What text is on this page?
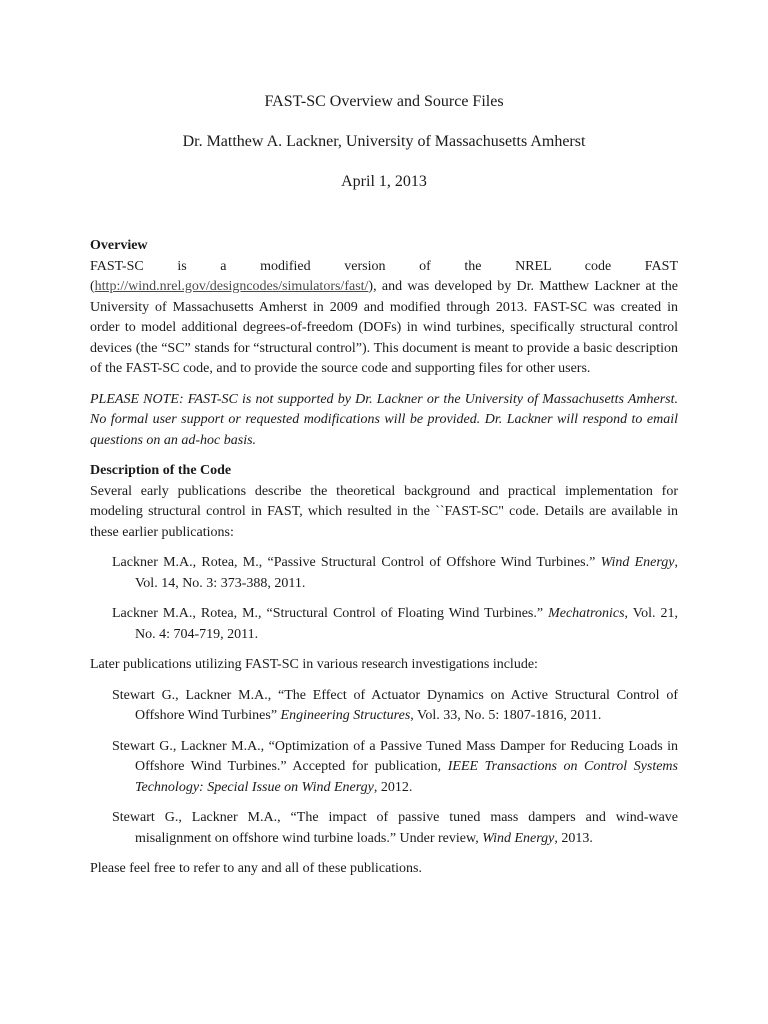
FAST-SC Overview and Source Files
Dr. Matthew A. Lackner, University of Massachusetts Amherst
April 1, 2013
Overview

FAST-SC is a modified version of the NREL code FAST

(http://wind.nrel.gov/designcodes/simulators/fast/), and was developed by Dr. Matthew Lackner at the University of Massachusetts Amherst in 2009 and modified through 2013. FAST-SC was created in order to model additional degrees-of-freedom (DOFs) in wind turbines, specifically structural control devices (the “SC” stands for “structural control”). This document is meant to provide a basic description of the FAST-SC code, and to provide the source code and supporting files for other users.

PLEASE NOTE: FAST-SC is not supported by Dr. Lackner or the University of Massachusetts Amherst. No formal user support or requested modifications will be provided. Dr. Lackner will respond to email questions on an ad-hoc basis.

Description of the Code

Several early publications describe the theoretical background and practical implementation for modeling structural control in FAST, which resulted in the ``FAST-SC" code. Details are available in these earlier publications:

Lackner M.A., Rotea, M., “Passive Structural Control of Offshore Wind Turbines.” Wind Energy, Vol. 14, No. 3: 373-388, 2011.

Lackner M.A., Rotea, M., “Structural Control of Floating Wind Turbines.” Mechatronics, Vol. 21, No. 4: 704-719, 2011.

Later publications utilizing FAST-SC in various research investigations include:

Stewart G., Lackner M.A., “The Effect of Actuator Dynamics on Active Structural Control of Offshore Wind Turbines” Engineering Structures, Vol. 33, No. 5: 1807-1816, 2011.

Stewart G., Lackner M.A., “Optimization of a Passive Tuned Mass Damper for Reducing Loads in Offshore Wind Turbines.” Accepted for publication, IEEE Transactions on Control Systems Technology: Special Issue on Wind Energy, 2012.

Stewart G., Lackner M.A., “The impact of passive tuned mass dampers and wind-wave misalignment on offshore wind turbine loads.” Under review, Wind Energy, 2013.

Please feel free to refer to any and all of these publications.
